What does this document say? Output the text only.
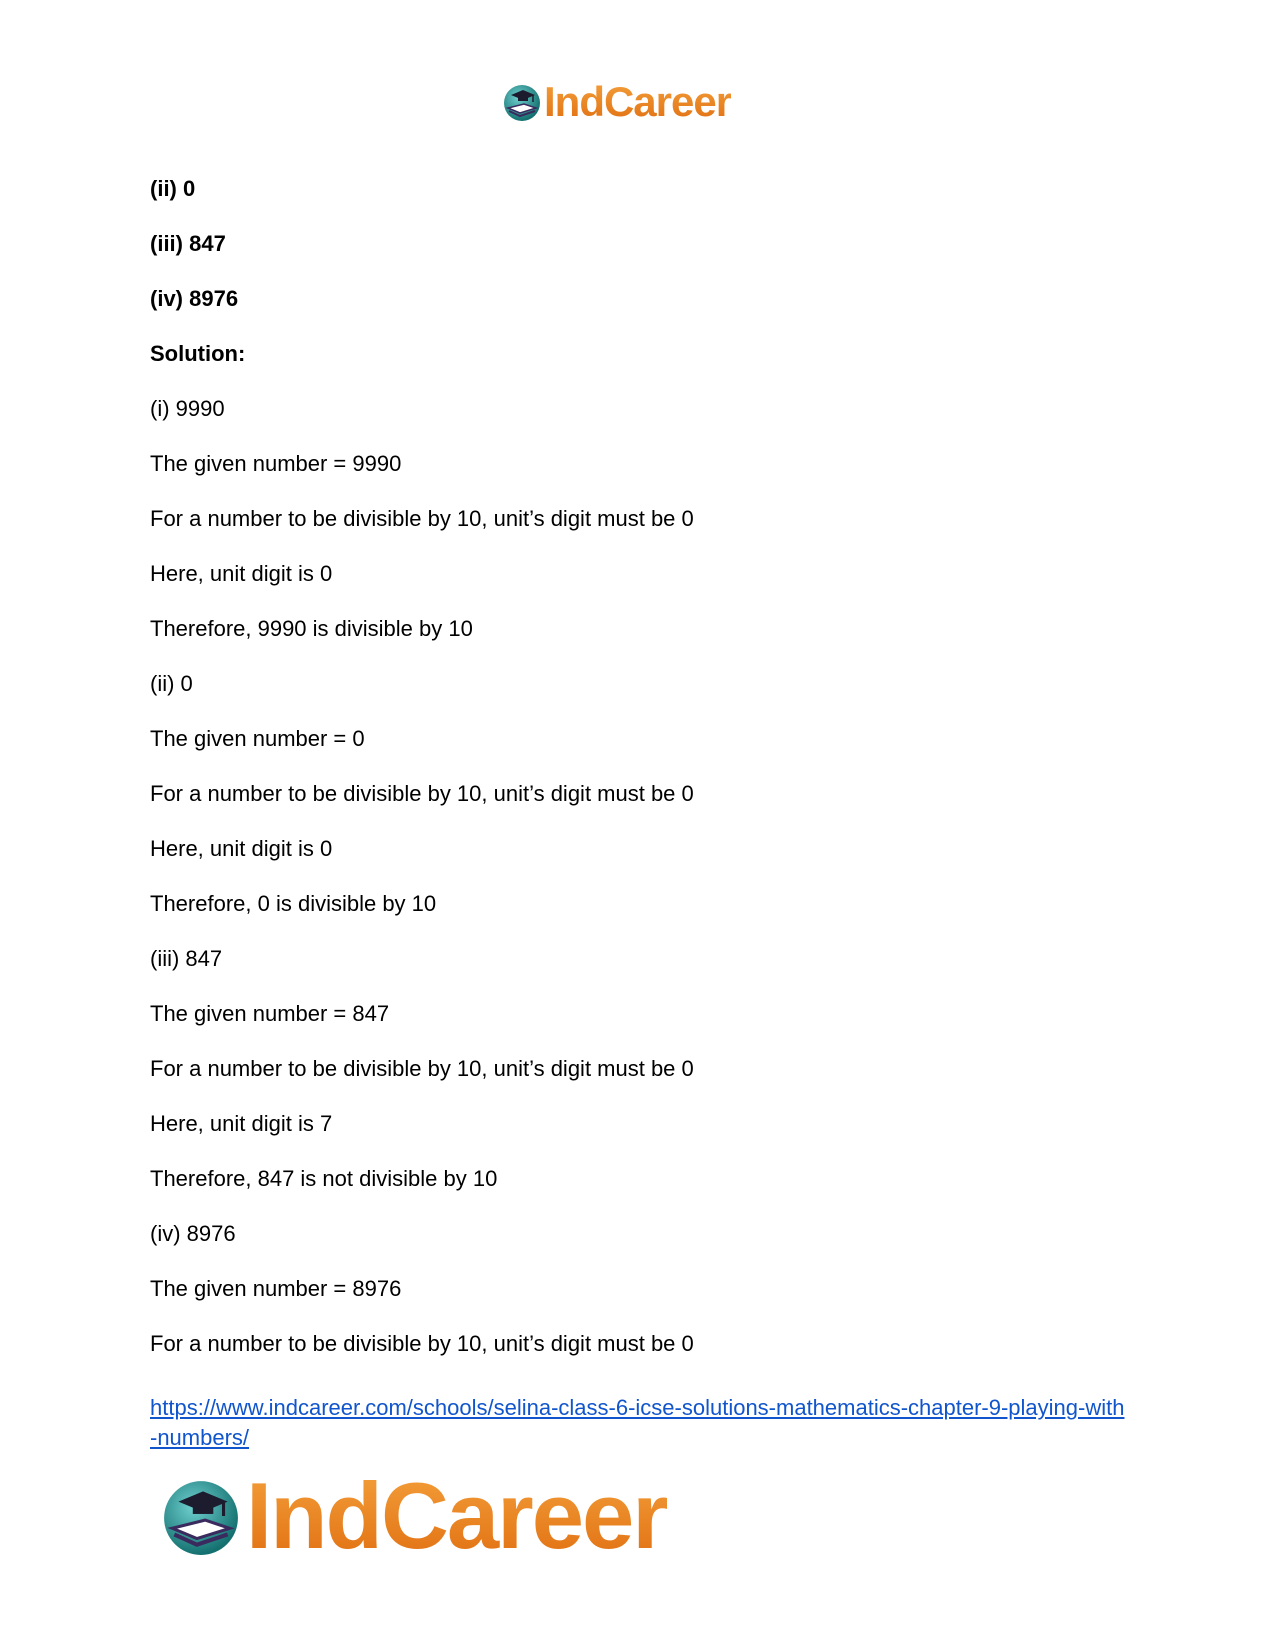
IndCareer
(ii) 0
(iii) 847
(iv) 8976
Solution:
(i) 9990
The given number = 9990
For a number to be divisible by 10, unit’s digit must be 0
Here, unit digit is 0
Therefore, 9990 is divisible by 10
(ii) 0
The given number = 0
For a number to be divisible by 10, unit’s digit must be 0
Here, unit digit is 0
Therefore, 0 is divisible by 10
(iii) 847
The given number = 847
For a number to be divisible by 10, unit’s digit must be 0
Here, unit digit is 7
Therefore, 847 is not divisible by 10
(iv) 8976
The given number = 8976
For a number to be divisible by 10, unit’s digit must be 0
https://www.indcareer.com/schools/selina-class-6-icse-solutions-mathematics-chapter-9-playing-with-numbers/
IndCareer
